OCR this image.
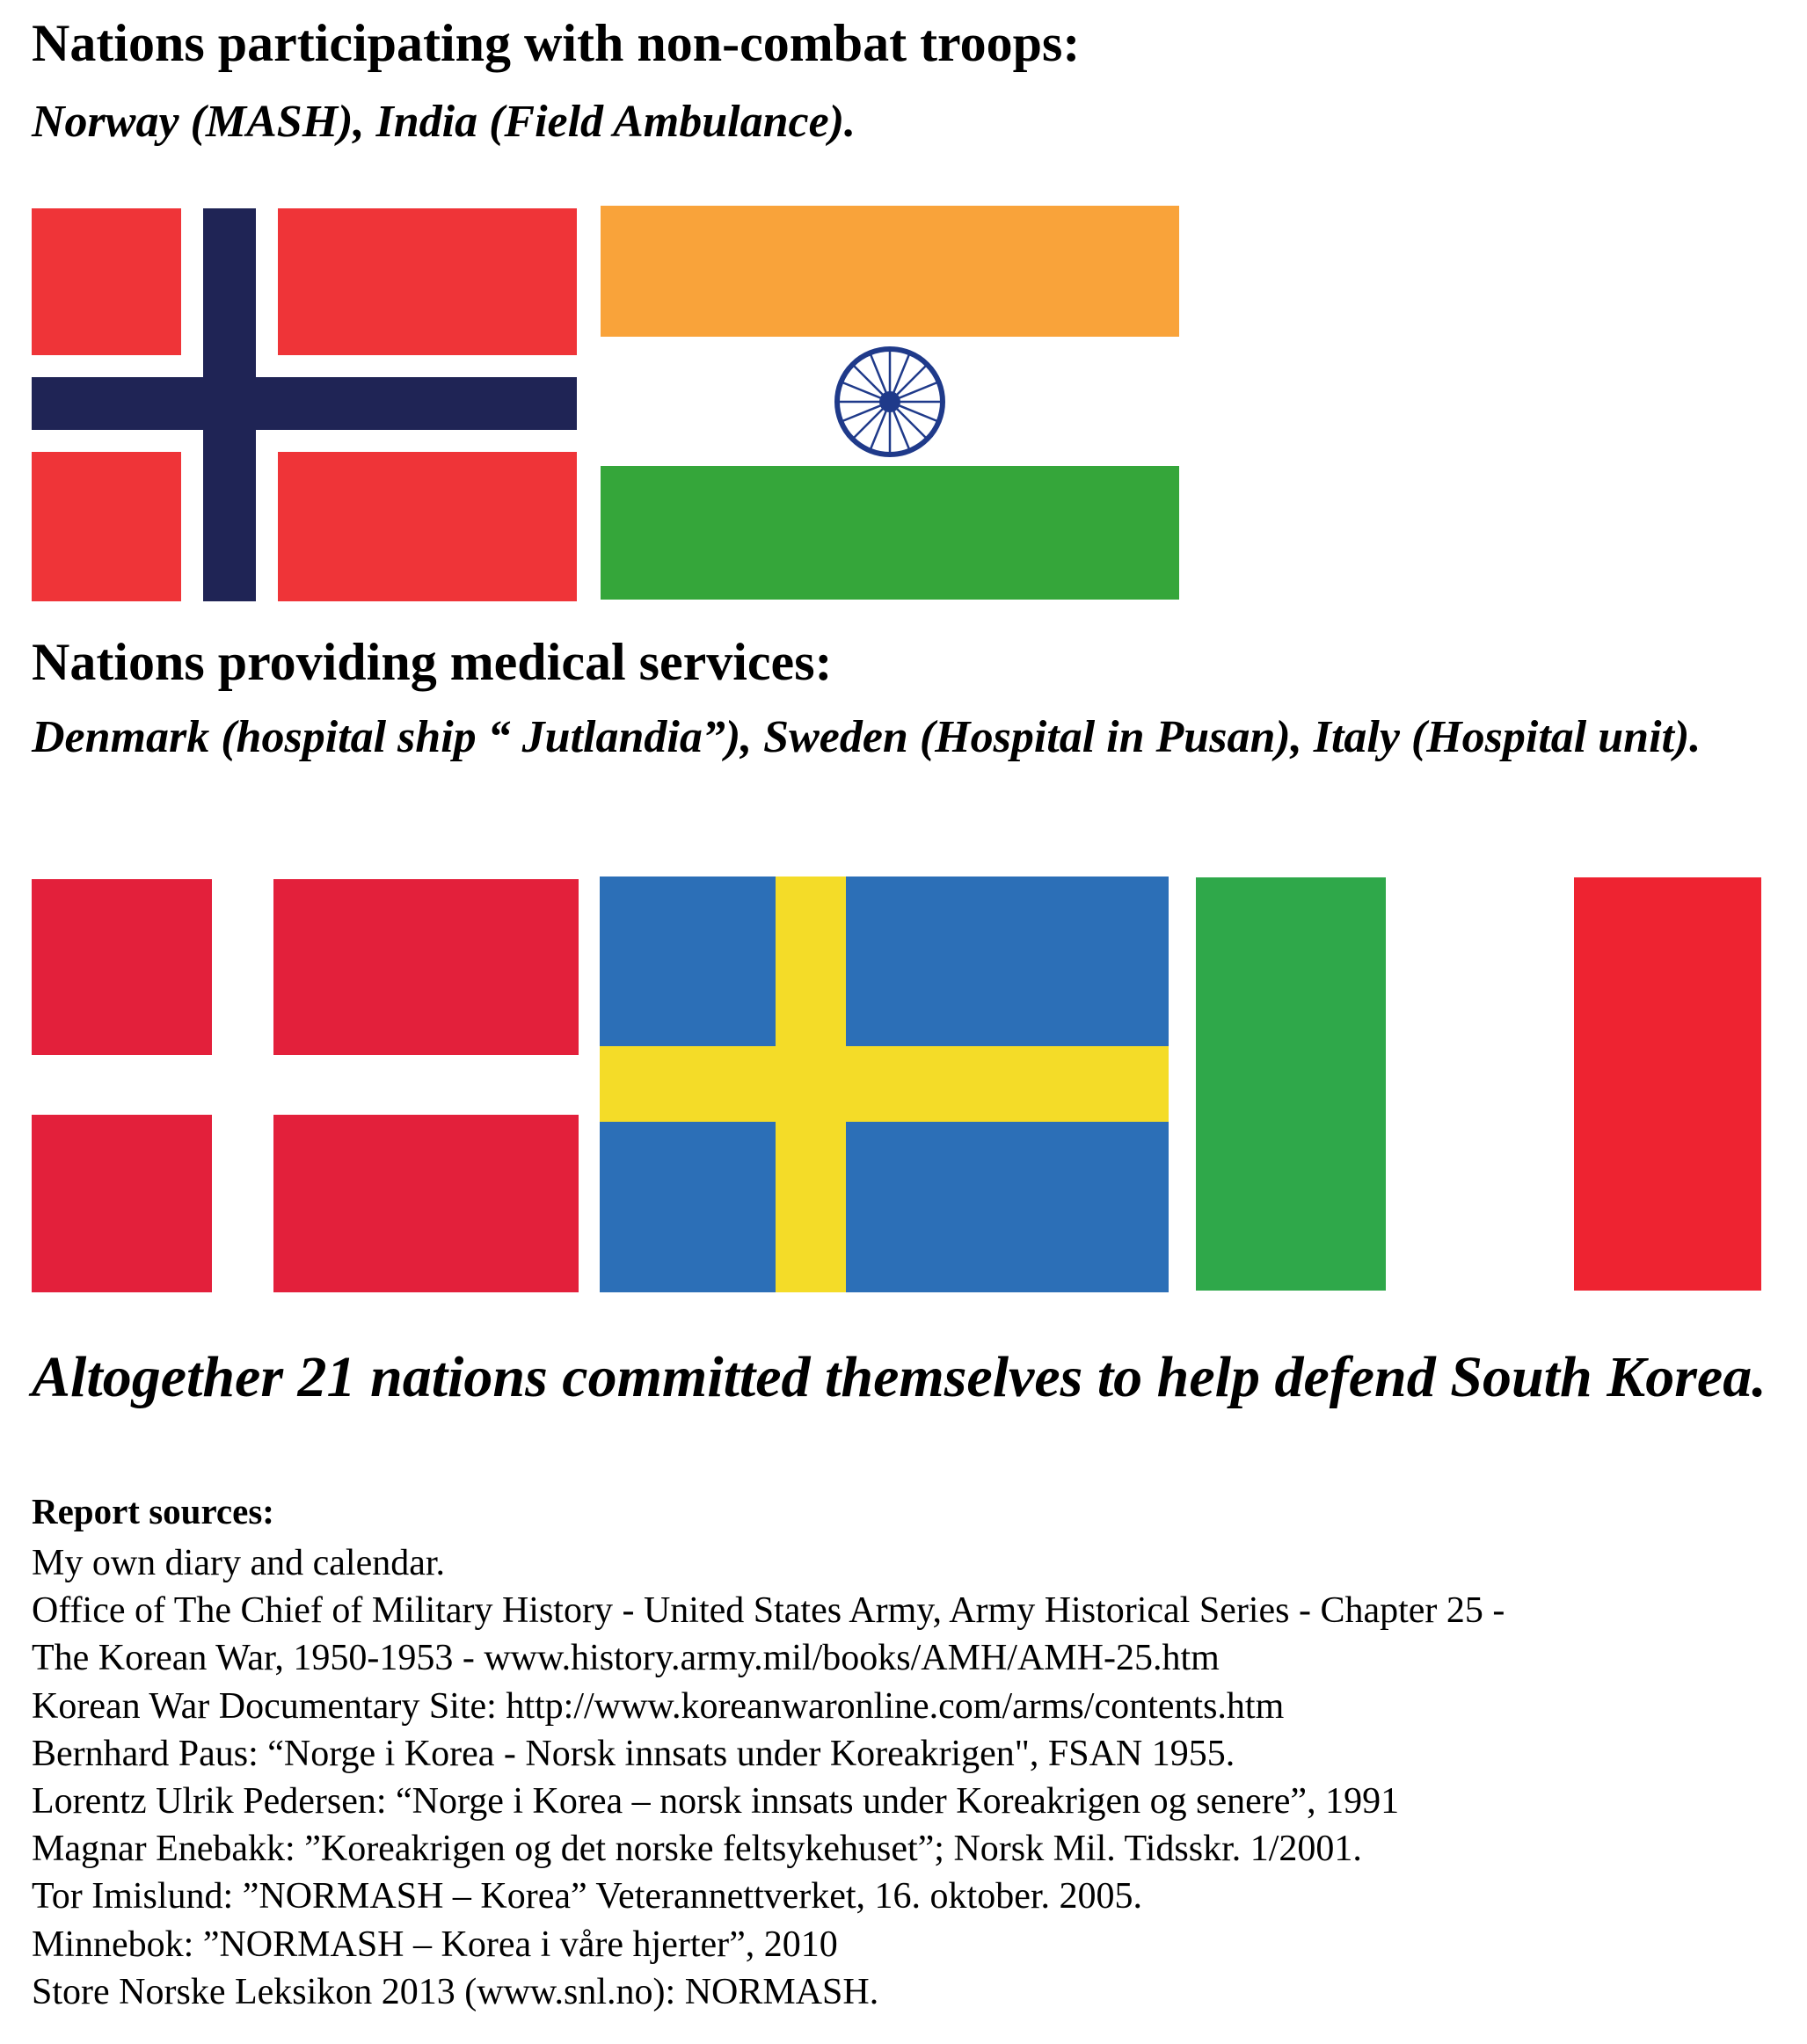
Nations participating with non-combat troops:
Norway (MASH), India (Field Ambulance).
Nations providing medical services:
Denmark (hospital ship “ Jutlandia”), Sweden (Hospital in Pusan), Italy (Hospital unit).
Altogether 21 nations committed themselves to help defend South Korea.
Report sources:
My own diary and calendar.
Office of The Chief of Military History - United States Army, Army Historical Series - Chapter 25 -
The Korean War, 1950-1953 - www.history.army.mil/books/AMH/AMH-25.htm
Korean War Documentary Site: http://www.koreanwaronline.com/arms/contents.htm
Bernhard Paus: “Norge i Korea - Norsk innsats under Koreakrigen", FSAN 1955.
Lorentz Ulrik Pedersen: “Norge i Korea – norsk innsats under Koreakrigen og senere”, 1991
Magnar Enebakk: ”Koreakrigen og det norske feltsykehuset”; Norsk Mil. Tidsskr. 1/2001.
Tor Imislund: ”NORMASH – Korea” Veterannettverket, 16. oktober. 2005.
Minnebok: ”NORMASH – Korea i våre hjerter”, 2010
Store Norske Leksikon 2013 (www.snl.no): NORMASH.
